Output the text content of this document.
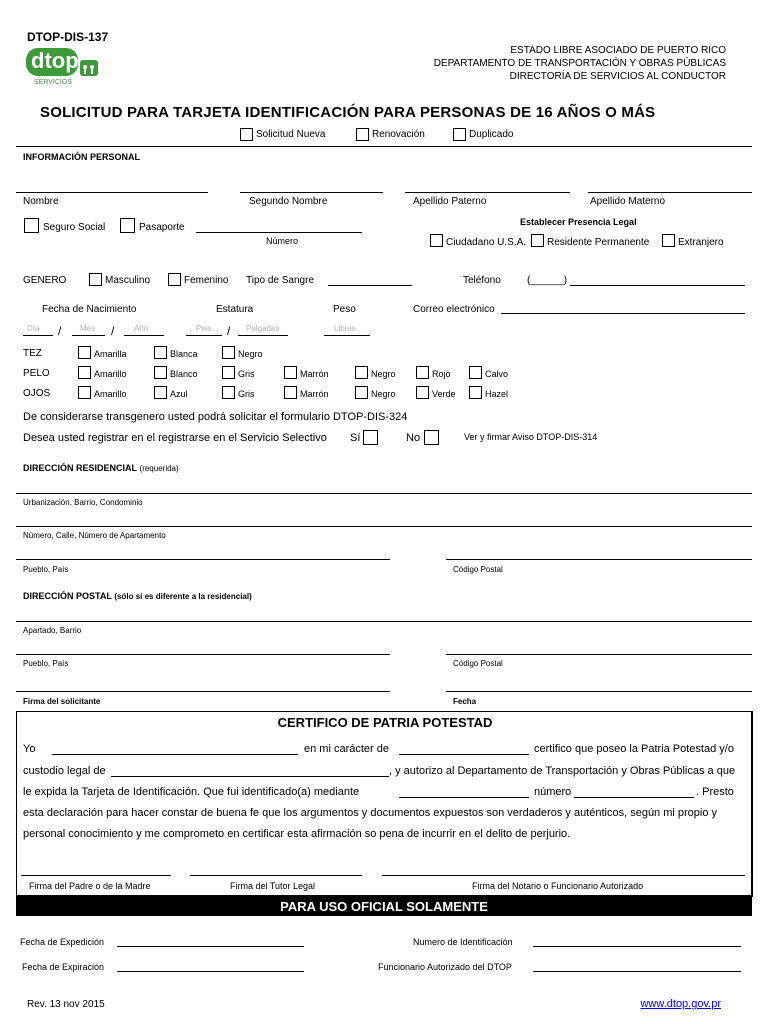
DTOP-DIS-137
dtop
SERVICIOS
ESTADO LIBRE ASOCIADO DE PUERTO RICO
DEPARTAMENTO DE TRANSPORTACIÓN Y OBRAS PÚBLICAS
DIRECTORÍA DE SERVICIOS AL CONDUCTOR
SOLICITUD PARA TARJETA IDENTIFICACIÓN PARA PERSONAS DE 16 AÑOS O MÁS
Solicitud Nueva	Renovación	Duplicado
INFORMACIÓN PERSONAL
Nombre	Segundo Nombre	Apellido Paterno	Apellido Materno
Seguro Social	Pasaporte
Número
Establecer Presencia Legal
Ciudadano U.S.A. Residente Permanente	Extranjero
GENERO	Masculino	Femenino Tipo de Sangre	Teléfono	(______)
Fecha de Nacimiento	Estatura	Peso	Correo electrónico
Día / Mes / Año	Pies / Pulgadas	Libras
TEZ	Amarilla	Blanca	Negro
PELO	Amarillo	Blanco	Gris	Marrón	Negro	Rojo	Calvo
OJOS	Amarillo	Azul	Gris	Marrón	Negro	Verde	Hazel
De considerarse transgenero usted podrá solicitar el formulario DTOP-DIS-324
Desea usted registrar en el registrarse en el Servicio Selectivo Sí	No	Ver y firmar Aviso DTOP-DIS-314
DIRECCIÓN RESIDENCIAL (requerida)
Urbanización, Barrio, Condominio
Número, Calle, Número de Apartamento
Pueblo, País	Código Postal
DIRECCIÓN POSTAL (sólo si es diferente a la residencial)
Apartado, Barrio
Pueblo, País	Código Postal
Firma del solicitante	Fecha
CERTIFICO DE PATRIA POTESTAD
Yo	en mi carácter de	certifico que poseo la Patria Potestad y/o
custodio legal de	, y autorizo al Departamento de Transportación y Obras Públicas a que
le expida la Tarjeta de Identificación. Que fui identificado(a) mediante	número	. Presto
esta declaración para hacer constar de buena fe que los argumentos y documentos expuestos son verdaderos y auténticos, según mi propio y
personal conocimiento y me comprometo en certificar esta afirmación so pena de incurrir en el delito de perjurio.
Firma del Padre o de la Madre	Firma del Tutor Legal	Firma del Notario o Funcionario Autorizado
PARA USO OFICIAL SOLAMENTE
Fecha de Expedición	Numero de Identificación
Fecha de Expiración	Funcionario Autorizado del DTOP
Rev. 13 nov 2015	www.dtop.gov.pr
